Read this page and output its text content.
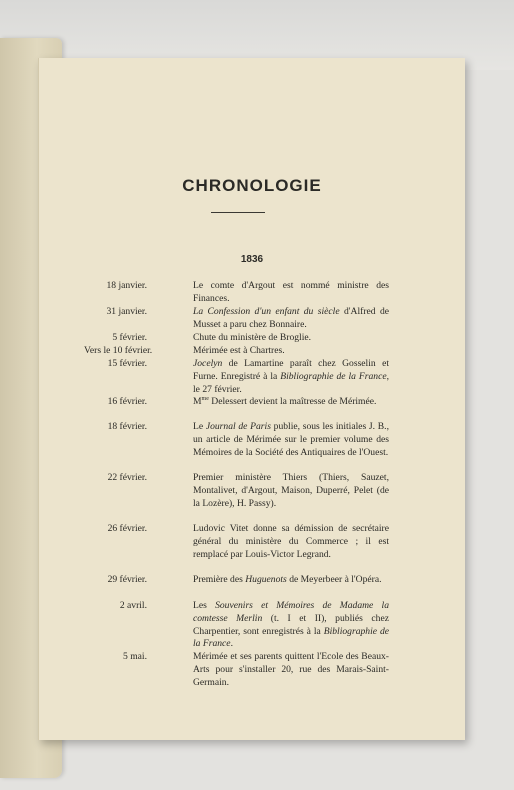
CHRONOLOGIE
1836
18 janvier.	Le comte d'Argout est nommé ministre des Finances.
31 janvier.	La Confession d'un enfant du siècle d'Alfred de Musset a paru chez Bonnaire.
5 février.	Chute du ministère de Broglie.
Vers le 10 février.	Mérimée est à Chartres.
15 février.	Jocelyn de Lamartine paraît chez Gosselin et Furne. Enregistré à la Bibliographie de la France, le 27 février.
16 février.	$M^{me}$ Delessert devient la maîtresse de Mérimée.
18 février.	Le Journal de Paris publie, sous les initiales J. B., un article de Mérimée sur le premier volume des Mémoires de la Société des Antiquaires de l'Ouest.
22 février.	Premier ministère Thiers (Thiers, Sauzet, Montalivet, d'Argout, Maison, Duperré, Pelet (de la Lozère), H. Passy).
26 février.	Ludovic Vitet donne sa démission de secrétaire général du ministère du Commerce ; il est remplacé par Louis-Victor Legrand.
29 février.	Première des Huguenots de Meyerbeer à l'Opéra.
2 avril.	Les Souvenirs et Mémoires de Madame la comtesse Merlin (t. I et II), publiés chez Charpentier, sont enregistrés à la Bibliographie de la France.
5 mai.	Mérimée et ses parents quittent l'Ecole des Beaux-Arts pour s'installer 20, rue des Marais-Saint-Germain.
